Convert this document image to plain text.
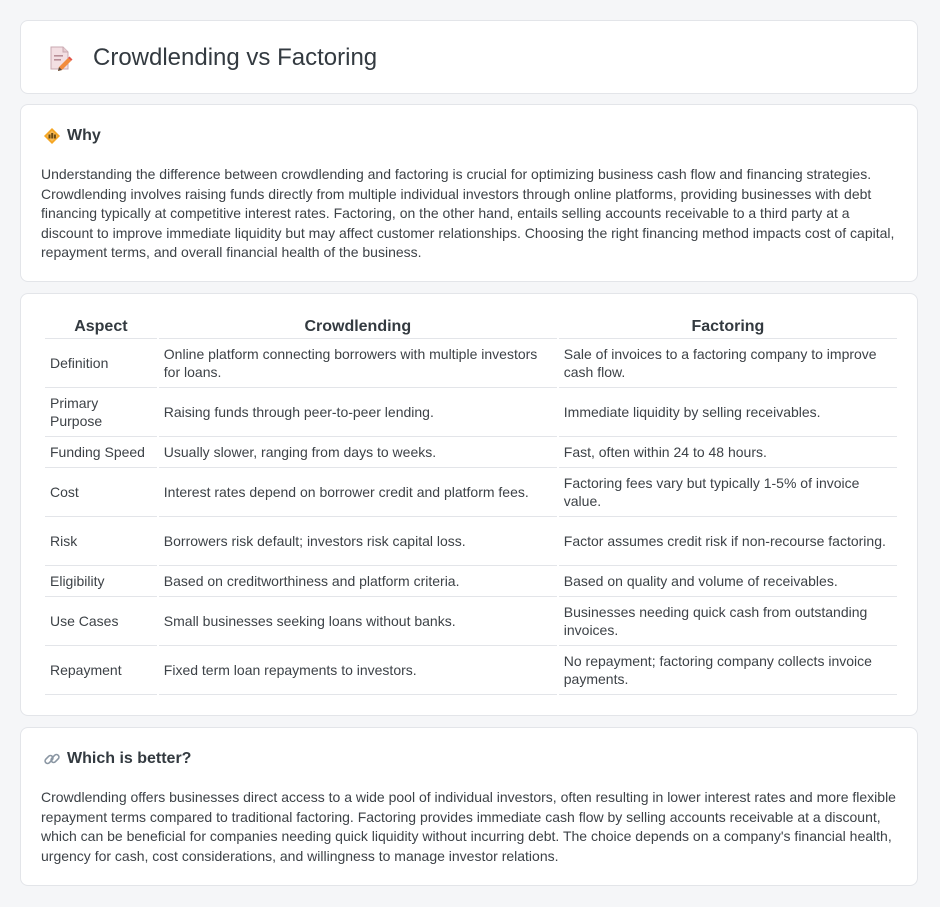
Crowdlending vs Factoring
Why

Understanding the difference between crowdlending and factoring is crucial for optimizing business cash flow and financing strategies. Crowdlending involves raising funds directly from multiple individual investors through online platforms, providing businesses with debt financing typically at competitive interest rates. Factoring, on the other hand, entails selling accounts receivable to a third party at a discount to improve immediate liquidity but may affect customer relationships. Choosing the right financing method impacts cost of capital, repayment terms, and overall financial health of the business.

Aspect	Crowdlending	Factoring
Definition	Online platform connecting borrowers with multiple investors for loans.	Sale of invoices to a factoring company to improve cash flow.
Primary Purpose	Raising funds through peer-to-peer lending.	Immediate liquidity by selling receivables.
Funding Speed	Usually slower, ranging from days to weeks.	Fast, often within 24 to 48 hours.
Cost	Interest rates depend on borrower credit and platform fees.	Factoring fees vary but typically 1-5% of invoice value.
Risk	Borrowers risk default; investors risk capital loss.	Factor assumes credit risk if non-recourse factoring.
Eligibility	Based on creditworthiness and platform criteria.	Based on quality and volume of receivables.
Use Cases	Small businesses seeking loans without banks.	Businesses needing quick cash from outstanding invoices.
Repayment	Fixed term loan repayments to investors.	No repayment; factoring company collects invoice payments.
Which is better?

Crowdlending offers businesses direct access to a wide pool of individual investors, often resulting in lower interest rates and more flexible repayment terms compared to traditional factoring. Factoring provides immediate cash flow by selling accounts receivable at a discount, which can be beneficial for companies needing quick liquidity without incurring debt. The choice depends on a company's financial health, urgency for cash, cost considerations, and willingness to manage investor relations.
